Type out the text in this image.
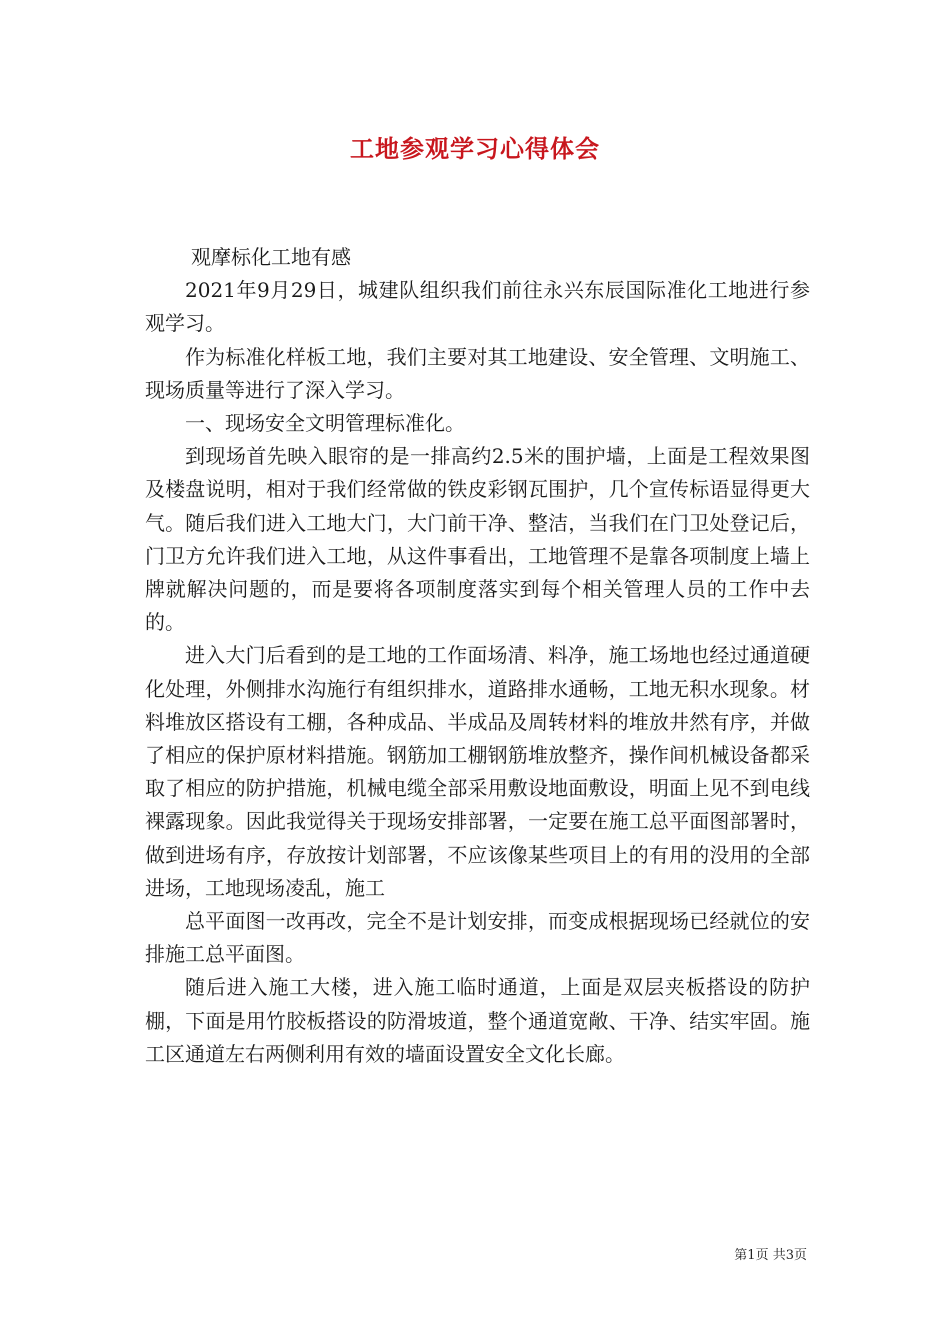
工地参观学习心得体会

观摩标化工地有感

2021年9月29日，城建队组织我们前往永兴东辰国际准化工地进行参观学习。

作为标准化样板工地，我们主要对其工地建设、安全管理、文明施工、现场质量等进行了深入学习。

一、现场安全文明管理标准化。

到现场首先映入眼帘的是一排高约2.5米的围护墙，上面是工程效果图及楼盘说明，相对于我们经常做的铁皮彩钢瓦围护，几个宣传标语显得更大气。随后我们进入工地大门，大门前干净、整洁，当我们在门卫处登记后，门卫方允许我们进入工地，从这件事看出，工地管理不是靠各项制度上墙上牌就解决问题的，而是要将各项制度落实到每个相关管理人员的工作中去的。

进入大门后看到的是工地的工作面场清、料净，施工场地也经过通道硬化处理，外侧排水沟施行有组织排水，道路排水通畅，工地无积水现象。材料堆放区搭设有工棚，各种成品、半成品及周转材料的堆放井然有序，并做了相应的保护原材料措施。钢筋加工棚钢筋堆放整齐，操作间机械设备都采取了相应的防护措施，机械电缆全部采用敷设地面敷设，明面上见不到电线裸露现象。因此我觉得关于现场安排部署，一定要在施工总平面图部署时，做到进场有序，存放按计划部署，不应该像某些项目上的有用的没用的全部进场，工地现场凌乱，施工

总平面图一改再改，完全不是计划安排，而变成根据现场已经就位的安排施工总平面图。

随后进入施工大楼，进入施工临时通道，上面是双层夹板搭设的防护棚，下面是用竹胶板搭设的防滑坡道，整个通道宽敞、干净、结实牢固。施工区通道左右两侧利用有效的墙面设置安全文化长廊。

第1页 共3页
